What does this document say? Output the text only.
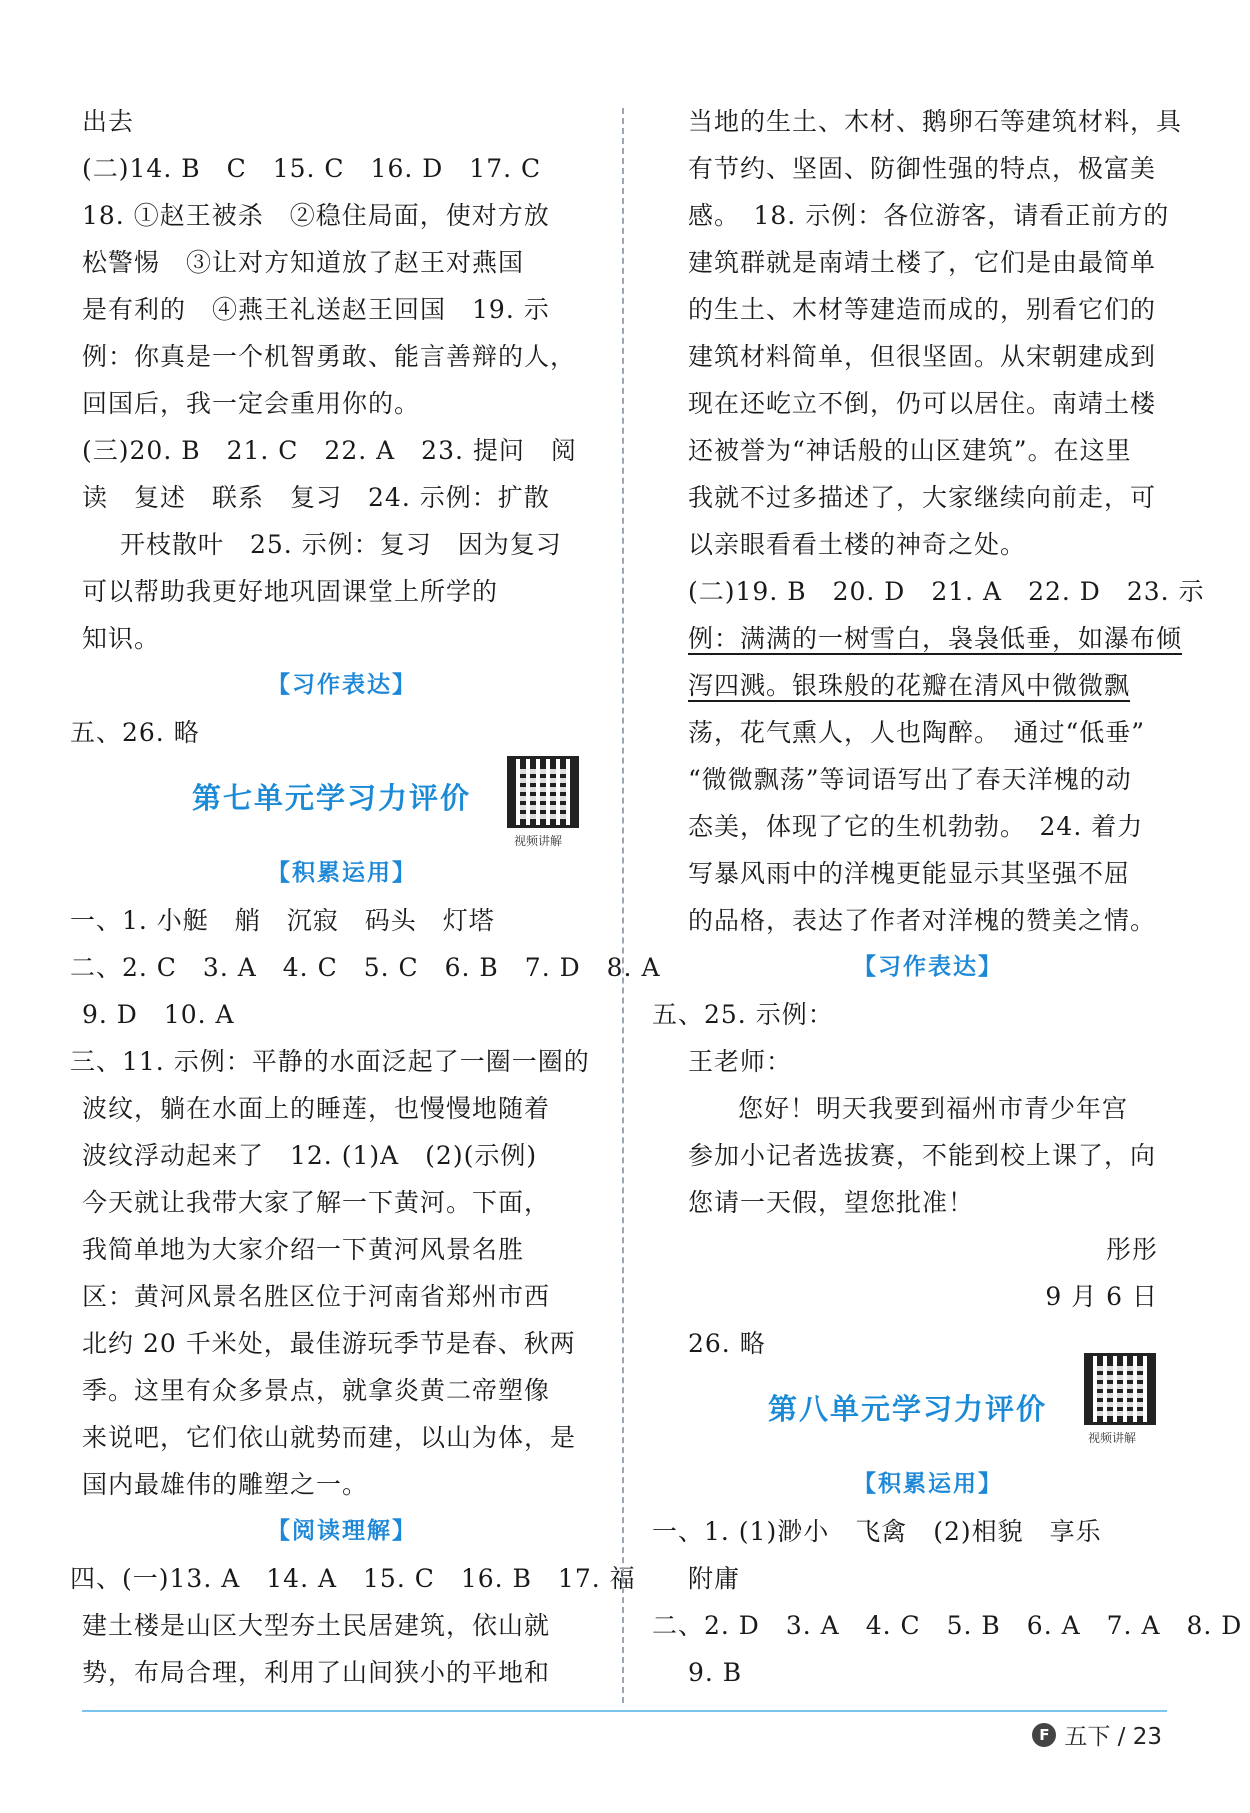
出去
(二)14. B　C　15. C　16. D　17. C
18. ①赵王被杀　②稳住局面，使对方放
松警惕　③让对方知道放了赵王对燕国
是有利的　④燕王礼送赵王回国　19. 示
例：你真是一个机智勇敢、能言善辩的人，
回国后，我一定会重用你的。
(三)20. B　21. C　22. A　23. 提问　阅
读　复述　联系　复习　24. 示例：扩散
开枝散叶　25. 示例：复习　因为复习
可以帮助我更好地巩固课堂上所学的
知识。
【习作表达】
五、26. 略
第七单元学习力评价
视频讲解
【积累运用】
一、1. 小艇　艄　沉寂　码头　灯塔
二、2. C　3. A　4. C　5. C　6. B　7. D　8. A
9. D　10. A
三、11. 示例：平静的水面泛起了一圈一圈的
波纹，躺在水面上的睡莲，也慢慢地随着
波纹浮动起来了　12. (1)A　(2)(示例)
今天就让我带大家了解一下黄河。下面，
我简单地为大家介绍一下黄河风景名胜
区：黄河风景名胜区位于河南省郑州市西
北约 20 千米处，最佳游玩季节是春、秋两
季。这里有众多景点，就拿炎黄二帝塑像
来说吧，它们依山就势而建，以山为体，是
国内最雄伟的雕塑之一。
【阅读理解】
四、(一)13. A　14. A　15. C　16. B　17. 福
建土楼是山区大型夯土民居建筑，依山就
势，布局合理，利用了山间狭小的平地和
当地的生土、木材、鹅卵石等建筑材料，具
有节约、坚固、防御性强的特点，极富美
感。　18. 示例：各位游客，请看正前方的
建筑群就是南靖土楼了，它们是由最简单
的生土、木材等建造而成的，别看它们的
建筑材料简单，但很坚固。从宋朝建成到
现在还屹立不倒，仍可以居住。南靖土楼
还被誉为“神话般的山区建筑”。在这里
我就不过多描述了，大家继续向前走，可
以亲眼看看土楼的神奇之处。
(二)19. B　20. D　21. A　22. D　23. 示
例：满满的一树雪白，袅袅低垂，如瀑布倾
泻四溅。银珠般的花瓣在清风中微微飘
荡，花气熏人，人也陶醉。　通过“低垂”
“微微飘荡”等词语写出了春天洋槐的动
态美，体现了它的生机勃勃。　24. 着力
写暴风雨中的洋槐更能显示其坚强不屈
的品格，表达了作者对洋槐的赞美之情。
【习作表达】
五、25. 示例：
王老师：
您好！明天我要到福州市青少年宫
参加小记者选拔赛，不能到校上课了，向
您请一天假，望您批准！
彤彤
9 月 6 日
26. 略
第八单元学习力评价
视频讲解
【积累运用】
一、1. (1)渺小　飞禽　(2)相貌　享乐
附庸
二、2. D　3. A　4. C　5. B　6. A　7. A　8. D
9. B
F 五下 / 23
